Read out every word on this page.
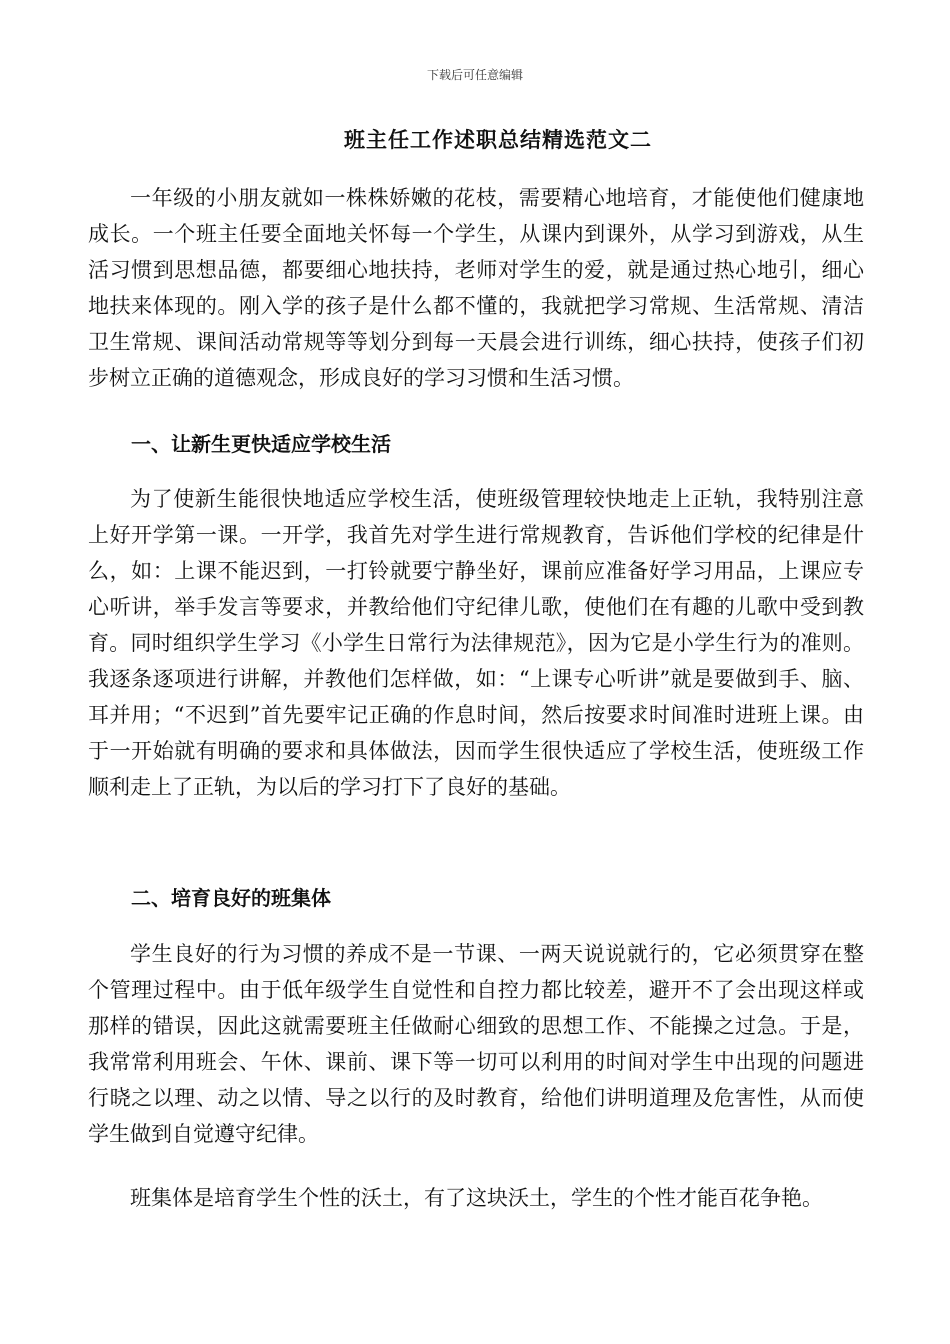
下载后可任意编辑
班主任工作述职总结精选范文二
一年级的小朋友就如一株株娇嫩的花枝，需要精心地培育，才能使他们健康地成长。一个班主任要全面地关怀每一个学生，从课内到课外，从学习到游戏，从生活习惯到思想品德，都要细心地扶持，老师对学生的爱，就是通过热心地引，细心地扶来体现的。刚入学的孩子是什么都不懂的，我就把学习常规、生活常规、清洁卫生常规、课间活动常规等等划分到每一天晨会进行训练，细心扶持，使孩子们初步树立正确的道德观念，形成良好的学习习惯和生活习惯。
一、让新生更快适应学校生活
为了使新生能很快地适应学校生活，使班级管理较快地走上正轨，我特别注意上好开学第一课。一开学，我首先对学生进行常规教育，告诉他们学校的纪律是什么，如：上课不能迟到，一打铃就要宁静坐好，课前应准备好学习用品，上课应专心听讲，举手发言等要求，并教给他们守纪律儿歌，使他们在有趣的儿歌中受到教育。同时组织学生学习《小学生日常行为法律规范》，因为它是小学生行为的准则。我逐条逐项进行讲解，并教他们怎样做，如：“上课专心听讲”就是要做到手、脑、耳并用；“不迟到”首先要牢记正确的作息时间，然后按要求时间准时进班上课。由于一开始就有明确的要求和具体做法，因而学生很快适应了学校生活，使班级工作顺利走上了正轨，为以后的学习打下了良好的基础。
二、培育良好的班集体
学生良好的行为习惯的养成不是一节课、一两天说说就行的，它必须贯穿在整个管理过程中。由于低年级学生自觉性和自控力都比较差，避开不了会出现这样或那样的错误，因此这就需要班主任做耐心细致的思想工作、不能操之过急。于是，我常常利用班会、午休、课前、课下等一切可以利用的时间对学生中出现的问题进行晓之以理、动之以情、导之以行的及时教育，给他们讲明道理及危害性，从而使学生做到自觉遵守纪律。
班集体是培育学生个性的沃土，有了这块沃土，学生的个性才能百花争艳。
